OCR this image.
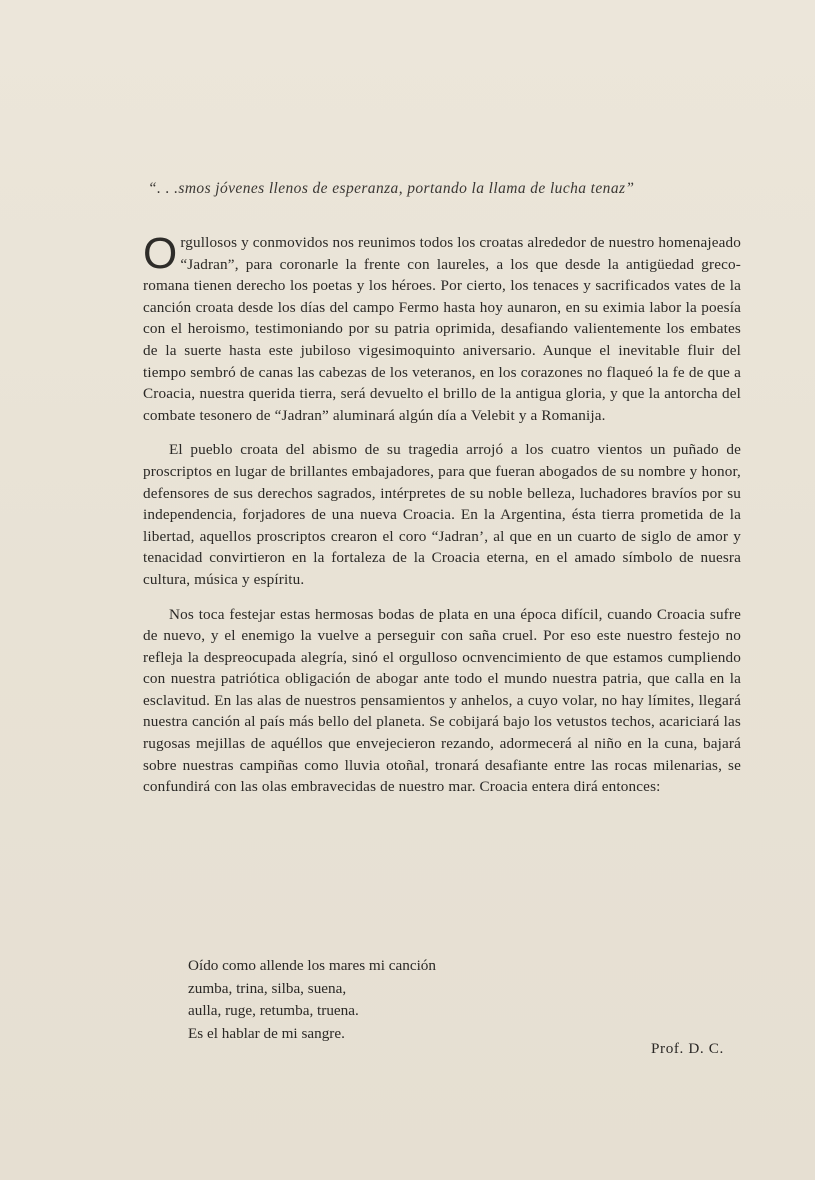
“. . .smos jóvenes llenos de esperanza, portando la llama de lucha tenaz”

Orgullosos y conmovidos nos reunimos todos los croatas alrededor de nuestro homenajeado “Jadran”, para coronarle la frente con laureles, a los que desde la antigüedad greco-romana tienen derecho los poetas y los héroes. Por cierto, los tenaces y sacrificados vates de la canción croata desde los días del campo Fermo hasta hoy aunaron, en su eximia labor la poesía con el heroismo, testimoniando por su patria oprimida, desafiando valientemente los embates de la suerte hasta este jubiloso vigesimoquinto aniversario. Aunque el inevitable fluir del tiempo sembró de canas las cabezas de los veteranos, en los corazones no flaqueó la fe de que a Croacia, nuestra querida tierra, será devuelto el brillo de la antigua gloria, y que la antorcha del combate tesonero de “Jadran” aluminará algún día a Velebit y a Romanija.

El pueblo croata del abismo de su tragedia arrojó a los cuatro vientos un puñado de proscriptos en lugar de brillantes embajadores, para que fueran abogados de su nombre y honor, defensores de sus derechos sagrados, intérpretes de su noble belleza, luchadores bravíos por su independencia, forjadores de una nueva Croacia. En la Argentina, ésta tierra prometida de la libertad, aquellos proscriptos crearon el coro “Jadran’, al que en un cuarto de siglo de amor y tenacidad convirtieron en la fortaleza de la Croacia eterna, en el amado símbolo de nuesra cultura, música y espíritu.

Nos toca festejar estas hermosas bodas de plata en una época difícil, cuando Croacia sufre de nuevo, y el enemigo la vuelve a perseguir con saña cruel. Por eso este nuestro festejo no refleja la despreocupada alegría, sinó el orgulloso ocnvencimiento de que estamos cumpliendo con nuestra patriótica obligación de abogar ante todo el mundo nuestra patria, que calla en la esclavitud. En las alas de nuestros pensamientos y anhelos, a cuyo volar, no hay límites, llegará nuestra canción al país más bello del planeta. Se cobijará bajo los vetustos techos, acariciará las rugosas mejillas de aquéllos que envejecieron rezando, adormecerá al niño en la cuna, bajará sobre nuestras campiñas como lluvia otoñal, tronará desafiante entre las rocas milenarias, se confundirá con las olas embravecidas de nuestro mar. Croacia entera dirá entonces:

Oído como allende los mares mi canción
zumba, trina, silba, suena,
aulla, ruge, retumba, truena.
Es el hablar de mi sangre.

Prof. D. C.
